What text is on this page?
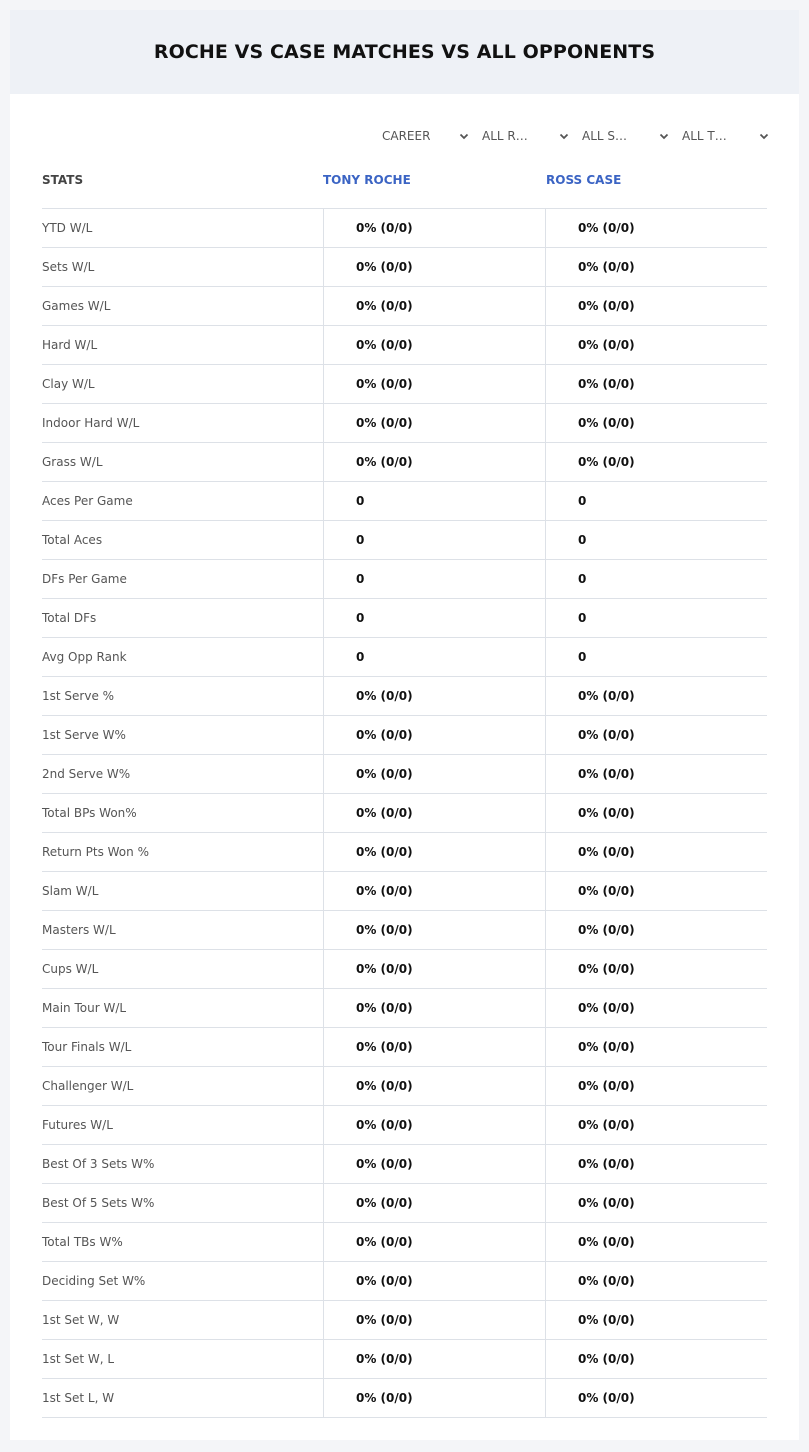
ROCHE VS CASE MATCHES VS ALL OPPONENTS
CAREER	ALL R…	ALL S…	ALL T…
STATS	TONY ROCHE	ROSS CASE
YTD W/L	0% (0/0)	0% (0/0)
Sets W/L	0% (0/0)	0% (0/0)
Games W/L	0% (0/0)	0% (0/0)
Hard W/L	0% (0/0)	0% (0/0)
Clay W/L	0% (0/0)	0% (0/0)
Indoor Hard W/L	0% (0/0)	0% (0/0)
Grass W/L	0% (0/0)	0% (0/0)
Aces Per Game	0	0
Total Aces	0	0
DFs Per Game	0	0
Total DFs	0	0
Avg Opp Rank	0	0
1st Serve %	0% (0/0)	0% (0/0)
1st Serve W%	0% (0/0)	0% (0/0)
2nd Serve W%	0% (0/0)	0% (0/0)
Total BPs Won%	0% (0/0)	0% (0/0)
Return Pts Won %	0% (0/0)	0% (0/0)
Slam W/L	0% (0/0)	0% (0/0)
Masters W/L	0% (0/0)	0% (0/0)
Cups W/L	0% (0/0)	0% (0/0)
Main Tour W/L	0% (0/0)	0% (0/0)
Tour Finals W/L	0% (0/0)	0% (0/0)
Challenger W/L	0% (0/0)	0% (0/0)
Futures W/L	0% (0/0)	0% (0/0)
Best Of 3 Sets W%	0% (0/0)	0% (0/0)
Best Of 5 Sets W%	0% (0/0)	0% (0/0)
Total TBs W%	0% (0/0)	0% (0/0)
Deciding Set W%	0% (0/0)	0% (0/0)
1st Set W, W	0% (0/0)	0% (0/0)
1st Set W, L	0% (0/0)	0% (0/0)
1st Set L, W	0% (0/0)	0% (0/0)
